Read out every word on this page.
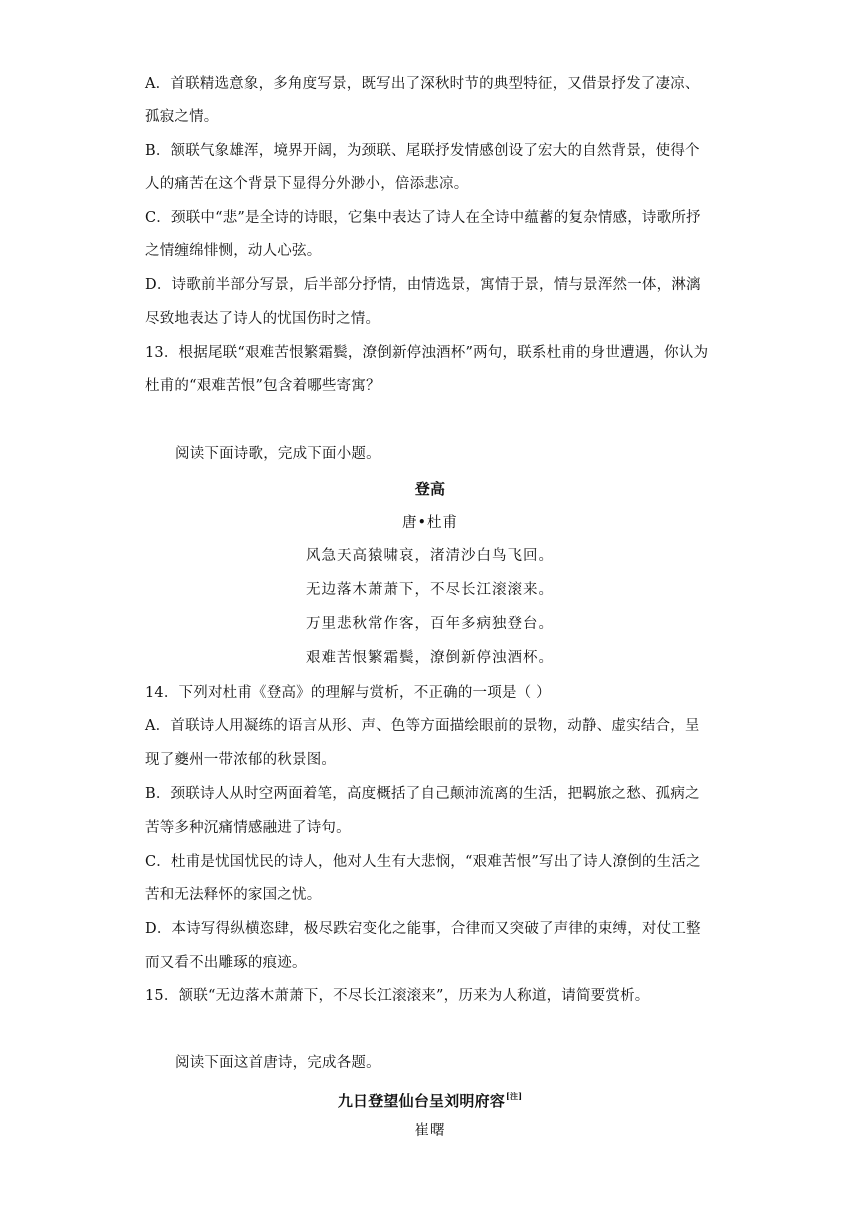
A．首联精选意象，多角度写景，既写出了深秋时节的典型特征，又借景抒发了凄凉、
孤寂之情。
B．颔联气象雄浑，境界开阔，为颈联、尾联抒发情感创设了宏大的自然背景，使得个
人的痛苦在这个背景下显得分外渺小，倍添悲凉。
C．颈联中“悲”是全诗的诗眼，它集中表达了诗人在全诗中蕴蓄的复杂情感，诗歌所抒
之情缠绵悱恻，动人心弦。
D．诗歌前半部分写景，后半部分抒情，由情选景，寓情于景，情与景浑然一体，淋漓
尽致地表达了诗人的忧国伤时之情。
13．根据尾联“艰难苦恨繁霜鬓，潦倒新停浊酒杯”两句，联系杜甫的身世遭遇，你认为
杜甫的“艰难苦恨”包含着哪些寄寓？
阅读下面诗歌，完成下面小题。
登高
唐•杜甫
风急天高猿啸哀，渚清沙白鸟飞回。
无边落木萧萧下，不尽长江滚滚来。
万里悲秋常作客，百年多病独登台。
艰难苦恨繁霜鬓，潦倒新停浊酒杯。
14．下列对杜甫《登高》的理解与赏析，不正确的一项是（ ）
A．首联诗人用凝练的语言从形、声、色等方面描绘眼前的景物，动静、虚实结合，呈
现了夔州一带浓郁的秋景图。
B．颈联诗人从时空两面着笔，高度概括了自己颠沛流离的生活，把羁旅之愁、孤病之
苦等多种沉痛情感融进了诗句。
C．杜甫是忧国忧民的诗人，他对人生有大悲悯，“艰难苦恨”写出了诗人潦倒的生活之
苦和无法释怀的家国之忧。
D．本诗写得纵横恣肆，极尽跌宕变化之能事，合律而又突破了声律的束缚，对仗工整
而又看不出雕琢的痕迹。
15．颔联“无边落木萧萧下，不尽长江滚滚来”，历来为人称道，请简要赏析。
阅读下面这首唐诗，完成各题。
九日登望仙台呈刘明府容[注]
崔曙
